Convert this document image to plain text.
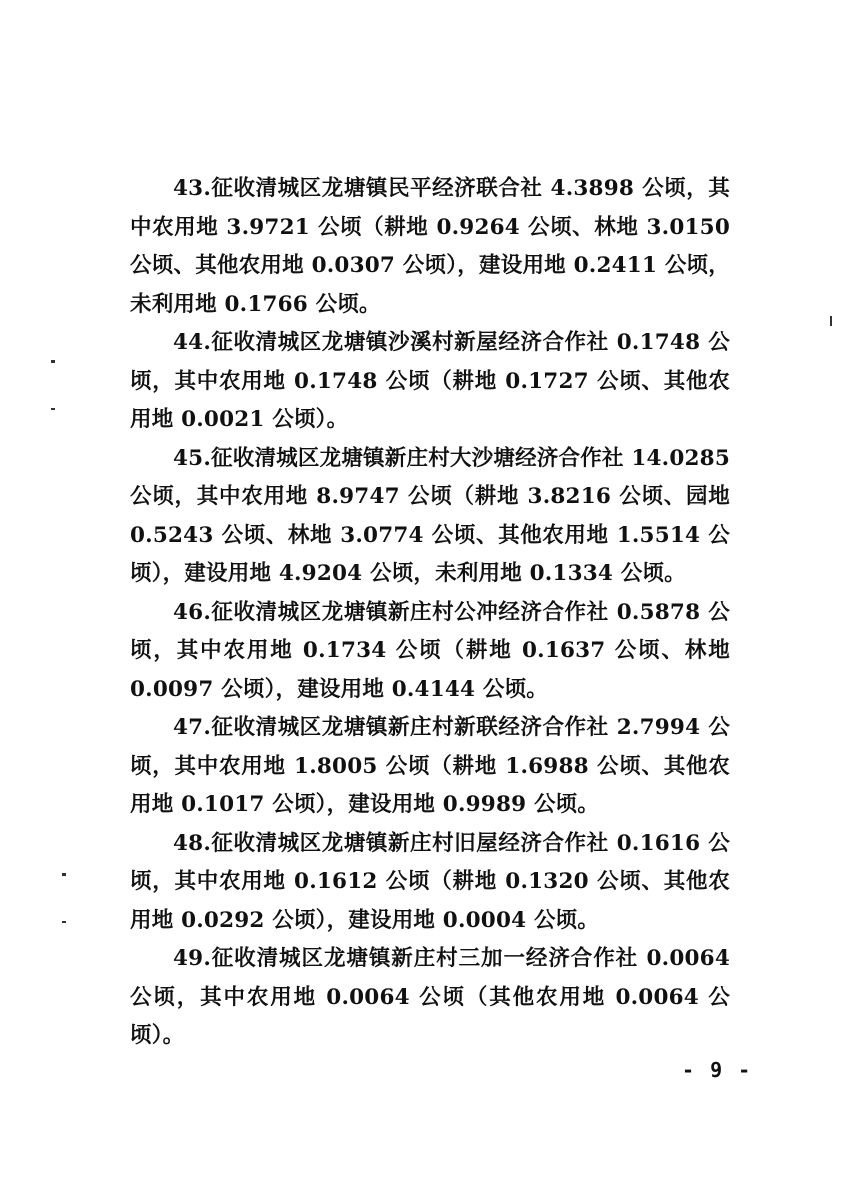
43.征收清城区龙塘镇民平经济联合社 4.3898 公顷，其中农用地 3.9721 公顷（耕地 0.9264 公顷、林地 3.0150 公顷、其他农用地 0.0307 公顷），建设用地 0.2411 公顷，未利用地 0.1766 公顷。

44.征收清城区龙塘镇沙溪村新屋经济合作社 0.1748 公顷，其中农用地 0.1748 公顷（耕地 0.1727 公顷、其他农用地 0.0021 公顷）。

45.征收清城区龙塘镇新庄村大沙塘经济合作社 14.0285 公顷，其中农用地 8.9747 公顷（耕地 3.8216 公顷、园地 0.5243 公顷、林地 3.0774 公顷、其他农用地 1.5514 公顷），建设用地 4.9204 公顷，未利用地 0.1334 公顷。

46.征收清城区龙塘镇新庄村公冲经济合作社 0.5878 公顷，其中农用地 0.1734 公顷（耕地 0.1637 公顷、林地 0.0097 公顷），建设用地 0.4144 公顷。

47.征收清城区龙塘镇新庄村新联经济合作社 2.7994 公顷，其中农用地 1.8005 公顷（耕地 1.6988 公顷、其他农用地 0.1017 公顷），建设用地 0.9989 公顷。

48.征收清城区龙塘镇新庄村旧屋经济合作社 0.1616 公顷，其中农用地 0.1612 公顷（耕地 0.1320 公顷、其他农用地 0.0292 公顷），建设用地 0.0004 公顷。

49.征收清城区龙塘镇新庄村三加一经济合作社 0.0064 公顷，其中农用地 0.0064 公顷（其他农用地 0.0064 公顷）。

- 9 -
